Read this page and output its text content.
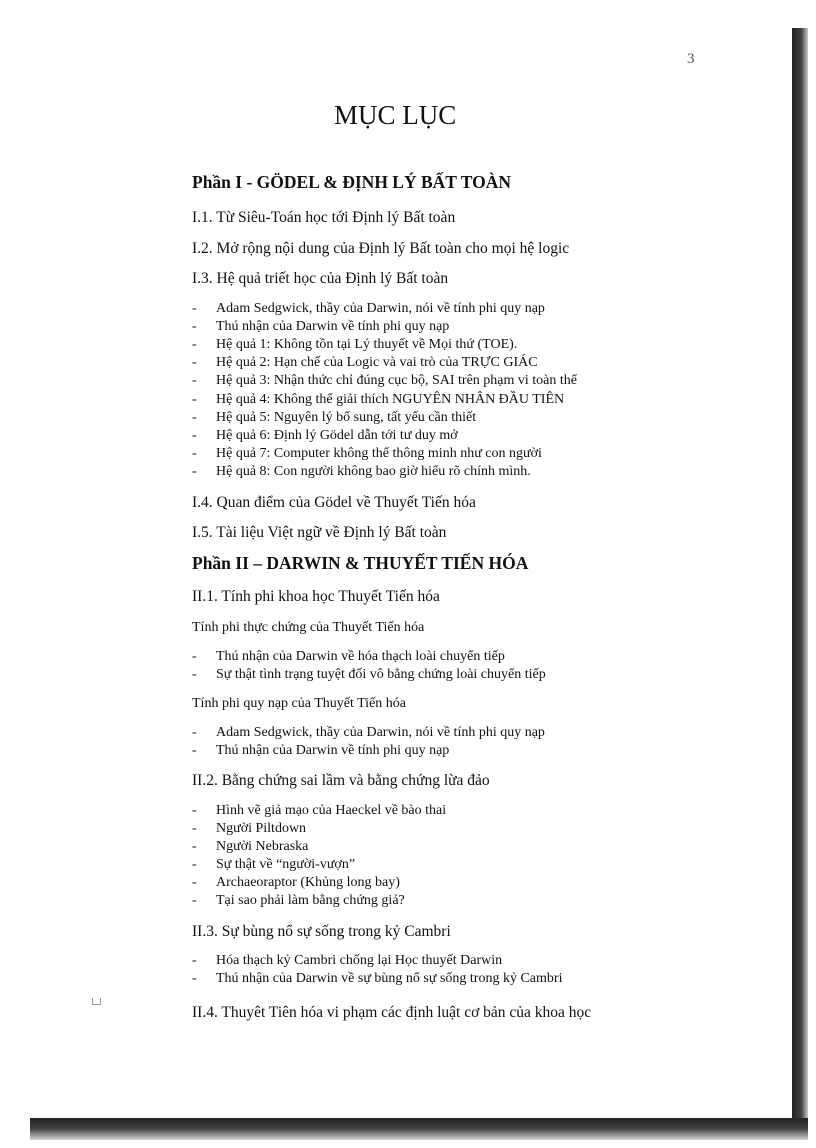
3
MỤC LỤC
Phần I - GÖDEL & ĐỊNH LÝ BẤT TOÀN
I.1. Từ Siêu-Toán học tới Định lý Bất toàn
I.2. Mở rộng nội dung của Định lý Bất toàn cho mọi hệ logic
I.3. Hệ quả triết học của Định lý Bất toàn
I.4. Quan điểm của Gödel về Thuyết Tiến hóa
I.5. Tài liệu Việt ngữ về Định lý Bất toàn
Phần II – DARWIN & THUYẾT TIẾN HÓA
II.1. Tính phi khoa học Thuyết Tiến hóa
Tính phi thực chứng của Thuyết Tiến hóa
Tính phi quy nạp của Thuyết Tiến hóa
II.2. Bằng chứng sai lầm và bằng chứng lừa đảo
II.3. Sự bùng nổ sự sống trong kỷ Cambri
II.4. Thuyêt Tiên hóa vi phạm các định luật cơ bản của khoa học
- Adam Sedgwick, thầy của Darwin, nói về tính phi quy nạp
- Thú nhận của Darwin về tính phi quy nạp
- Hệ quả 1: Không tồn tại Lý thuyết về Mọi thứ (TOE).
- Hệ quả 2: Hạn chế của Logic và vai trò của TRỰC GIÁC
- Hệ quả 3: Nhận thức chỉ đúng cục bộ, SAI trên phạm vi toàn thể
- Hệ quả 4: Không thể giải thích NGUYÊN NHÂN ĐẦU TIÊN
- Hệ quả 5: Nguyên lý bổ sung, tất yếu cần thiết
- Hệ quả 6: Định lý Gödel dẫn tới tư duy mở
- Hệ quả 7: Computer không thể thông minh như con người
- Hệ quả 8: Con người không bao giờ hiểu rõ chính mình.
- Thú nhận của Darwin về hóa thạch loài chuyển tiếp
- Sự thật tình trạng tuyệt đối vô bằng chứng loài chuyển tiếp
- Adam Sedgwick, thầy của Darwin, nói về tính phi quy nạp
- Thú nhận của Darwin về tính phi quy nạp
- Hình vẽ giả mạo của Haeckel về bào thai
- Người Piltdown
- Người Nebraska
- Sự thật về “người-vượn”
- Archaeoraptor (Khủng long bay)
- Tại sao phải làm bằng chứng giả?
- Hóa thạch kỷ Cambri chống lại Học thuyết Darwin
- Thú nhận của Darwin về sự bùng nổ sự sống trong kỷ Cambri
